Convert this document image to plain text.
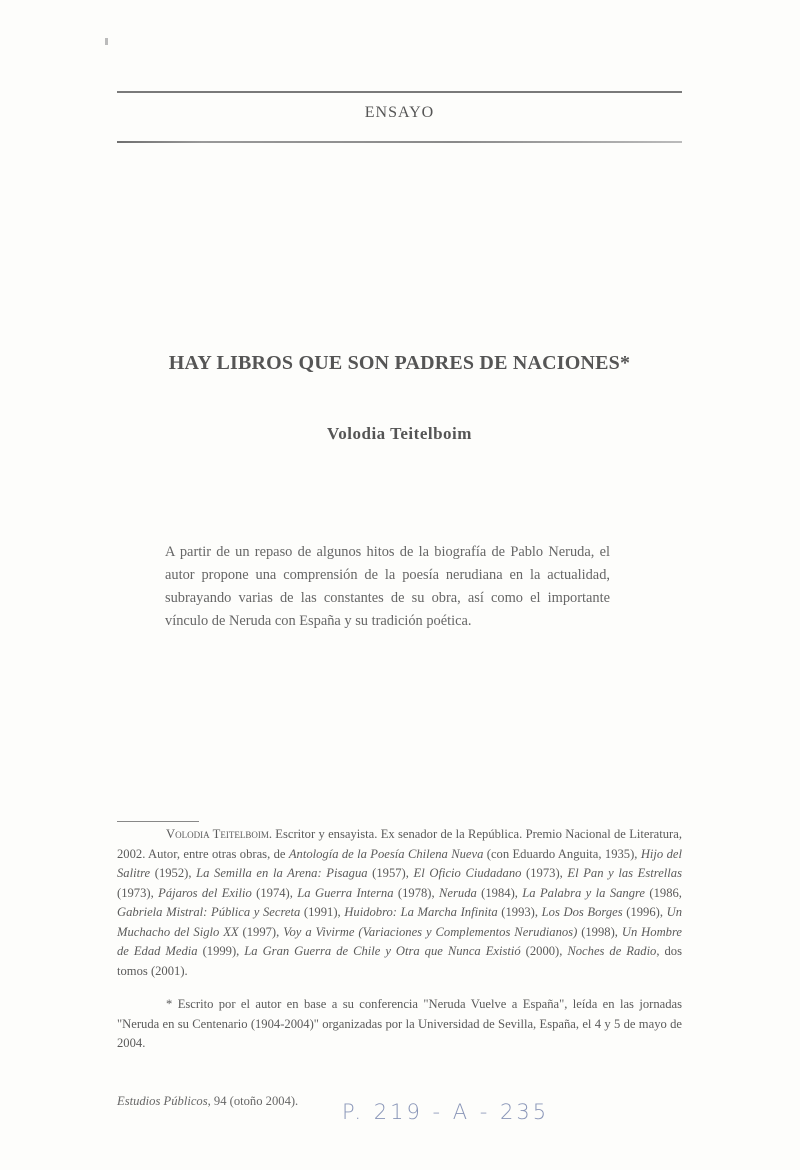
ENSAYO
HAY LIBROS QUE SON PADRES DE NACIONES*
Volodia Teitelboim
A partir de un repaso de algunos hitos de la biografía de Pablo Neruda, el autor propone una comprensión de la poesía nerudiana en la actualidad, subrayando varias de las constantes de su obra, así como el importante vínculo de Neruda con España y su tradición poética.
Volodia Teitelboim. Escritor y ensayista. Ex senador de la República. Premio Nacional de Literatura, 2002. Autor, entre otras obras, de Antología de la Poesía Chilena Nueva (con Eduardo Anguita, 1935), Hijo del Salitre (1952), La Semilla en la Arena: Pisagua (1957), El Oficio Ciudadano (1973), El Pan y las Estrellas (1973), Pájaros del Exilio (1974), La Guerra Interna (1978), Neruda (1984), La Palabra y la Sangre (1986, Gabriela Mistral: Pública y Secreta (1991), Huidobro: La Marcha Infinita (1993), Los Dos Borges (1996), Un Muchacho del Siglo XX (1997), Voy a Vivirme (Variaciones y Complementos Nerudianos) (1998), Un Hombre de Edad Media (1999), La Gran Guerra de Chile y Otra que Nunca Existió (2000), Noches de Radio, dos tomos (2001).
* Escrito por el autor en base a su conferencia "Neruda Vuelve a España", leída en las jornadas "Neruda en su Centenario (1904-2004)" organizadas por la Universidad de Sevilla, España, el 4 y 5 de mayo de 2004.
Estudios Públicos, 94 (otoño 2004). P. 219 - A - 235
